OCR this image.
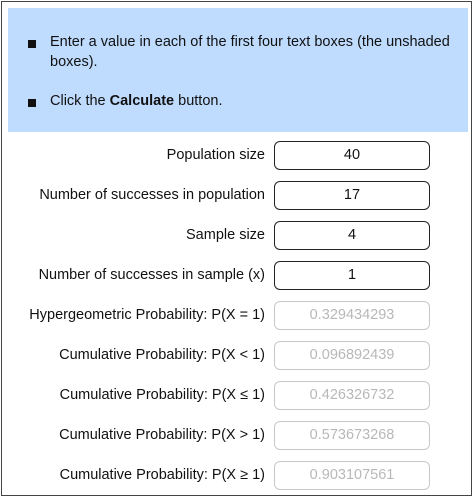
Enter a value in each of the first four text boxes (the unshaded boxes).
Click the Calculate button.
Population size	40
Number of successes in population	17
Sample size	4
Number of successes in sample (x)	1
Hypergeometric Probability: P(X = 1)	0.329434293
Cumulative Probability: P(X < 1)	0.096892439
Cumulative Probability: P(X ≤ 1)	0.426326732
Cumulative Probability: P(X > 1)	0.573673268
Cumulative Probability: P(X ≥ 1)	0.903107561
